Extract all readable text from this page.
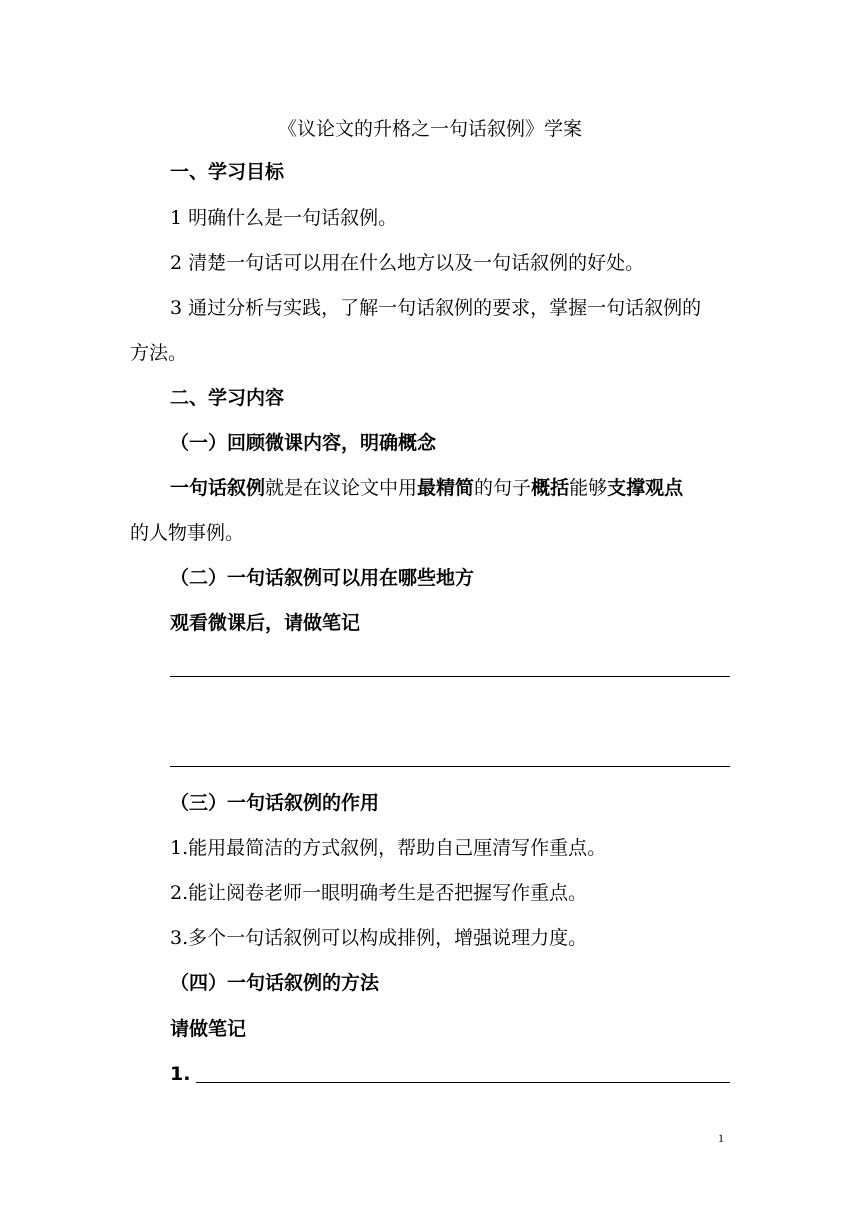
《议论文的升格之一句话叙例》学案
一、学习目标
1 明确什么是一句话叙例。
2 清楚一句话可以用在什么地方以及一句话叙例的好处。
3 通过分析与实践，了解一句话叙例的要求，掌握一句话叙例的
方法。
二、学习内容
（一）回顾微课内容，明确概念
一句话叙例就是在议论文中用最精简的句子概括能够支撑观点
的人物事例。
（二）一句话叙例可以用在哪些地方
观看微课后，请做笔记
（三）一句话叙例的作用
1.能用最简洁的方式叙例，帮助自己厘清写作重点。
2.能让阅卷老师一眼明确考生是否把握写作重点。
3.多个一句话叙例可以构成排例，增强说理力度。
（四）一句话叙例的方法
请做笔记
1.
1
